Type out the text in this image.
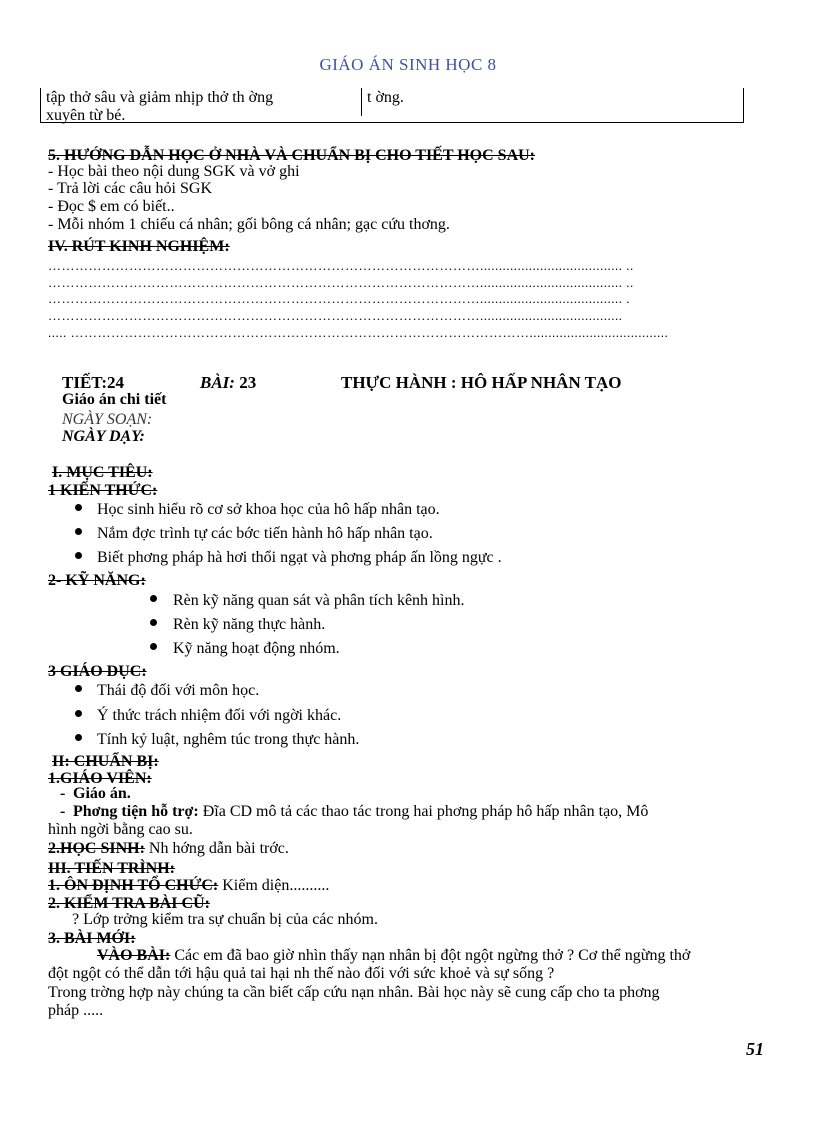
GIÁO ÁN SINH HỌC 8
tập thở sâu và giảm nhịp thở th ờng
xuyên từ bé.
t ờng.
5. HƯỚNG DẪN HỌC Ở NHÀ VÀ CHUẨN BỊ CHO TIẾT HỌC SAU:
- Học bài theo nội dung SGK và vở ghi
- Trả lời các câu hỏi SGK
- Đọc $ em có biết..
- Mỗi nhóm 1 chiếu cá nhân; gối bông cá nhân; gạc cứu thơng.
IV. RÚT KINH NGHIỆM:
……………………………………………………………………………………...................................... ..
……………………………………………………………………………………...................................... ..
……………………………………………………………………………………...................................... .
……………………………………………………………………………………......................................
..... ………………………………………………………………………………………….....................................
TIẾT:24	BÀI: 23	THỰC HÀNH : HÔ HẤP NHÂN TẠO
Giáo án chi tiết
NGÀY SOẠN:
NGÀY DẠY:
I. MỤC TIÊU:
1 KIẾN THỨC:
Học sinh hiểu rõ cơ sở khoa học của hô hấp nhân tạo.
Nắm đợc trình tự các bớc tiến hành hô hấp nhân tạo.
Biết phơng pháp hà hơi thổi ngạt và phơng pháp ấn lồng ngực .
2- KỸ NĂNG:
Rèn kỹ năng quan sát và phân tích kênh hình.
Rèn kỹ năng thực hành.
Kỹ năng hoạt động nhóm.
3 GIÁO DỤC:
Thái độ đối với môn học.
Ý thức trách nhiệm đối với ngời khác.
Tính kỷ luật, nghêm túc trong thực hành.
II: CHUẨN BỊ:
1.GIÁO VIÊN:
- Giáo án.
- Phơng tiện hỗ trợ: Đĩa CD mô tả các thao tác trong hai phơng pháp hô hấp nhân tạo, Mô
hình ngời bằng cao su.
2.HỌC SINH: Nh hớng dẫn bài trớc.
III. TIẾN TRÌNH:
1. ÔN ĐỊNH TỔ CHỨC: Kiểm diện..........
2. KIỂM TRA BÀI CŨ:
? Lớp trởng kiểm tra sự chuẩn bị của các nhóm.
3. BÀI MỚI:
VÀO BÀI: Các em đã bao giờ nhìn thấy nạn nhân bị đột ngột ngừng thở ? Cơ thể ngừng thở
đột ngột có thể dẫn tới hậu quả tai hại nh thế nào đối với sức khoẻ và sự sống ?
Trong trờng hợp này chúng ta cần biết cấp cứu nạn nhân. Bài học này sẽ cung cấp cho ta phơng
pháp .....
51
